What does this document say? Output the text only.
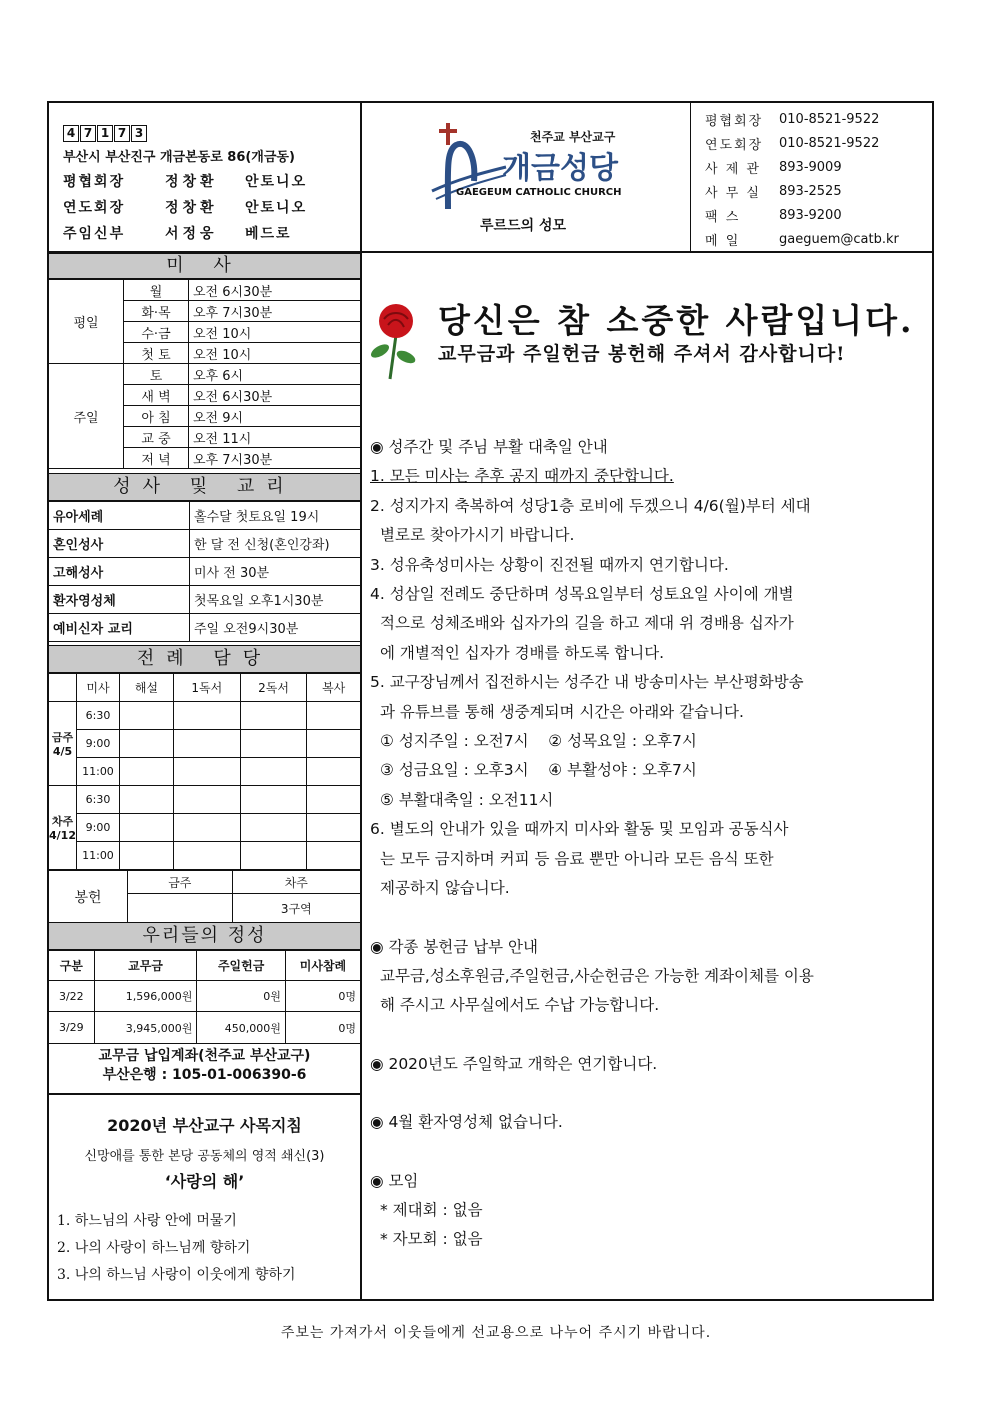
4 7 1 7 3
부산시 부산진구 개금본동로 86(개금동)
평협회장	정창환	안토니오
연도회장	정창환	안토니오
주임신부	서정웅	베드로
천주교 부산교구
개금성당
GAEGEUM CATHOLIC CHURCH
루르드의 성모
평협회장	010-8521-9522
연도회장	010-8521-9522
사 제 관	893-9009
사 무 실	893-2525
팩 스	893-9200
메 일	gaeguem@catb.kr
미 사
평일	월	오전 6시30분
	화·목	오후 7시30분
	수·금	오전 10시
	첫 토	오전 10시
주일	토	오후 6시
	새 벽	오전 6시30분
	아 침	오전 9시
	교 중	오전 11시
	저 녁	오후 7시30분
성사 및 교리
유아세례	홀수달 첫토요일 19시
혼인성사	한 달 전 신청(혼인강좌)
고해성사	미사 전 30분
환자영성체	첫목요일 오후1시30분
예비신자 교리	주일 오전9시30분
전례 담당
	미사	해설	1독서	2독서	복사
금주 4/5	6:30				
	9:00				
	11:00				
차주 4/12	6:30				
	9:00				
	11:00				
봉헌	금주	차주
		3구역
우리들의 정성
구분	교무금	주일헌금	미사참례
3/22	1,596,000원	0원	0명
3/29	3,945,000원	450,000원	0명
교무금 납입계좌(천주교 부산교구)
부산은행 : 105-01-006390-6
2020년 부산교구 사목지침
신망애를 통한 본당 공동체의 영적 쇄신(3)
‘사랑의 해’
1. 하느님의 사랑 안에 머물기
2. 나의 사랑이 하느님께 향하기
3. 나의 하느님 사랑이 이웃에게 향하기
당신은 참 소중한 사람입니다.
교무금과 주일헌금 봉헌해 주셔서 감사합니다!

◉ 성주간 및 주님 부활 대축일 안내

1. 모든 미사는 추후 공지 때까지 중단합니다.

2. 성지가지 축복하여 성당1층 로비에 두겠으니 4/6(월)부터 세대

별로로 찾아가시기 바랍니다.

3. 성유축성미사는 상황이 진전될 때까지 연기합니다.

4. 성삼일 전례도 중단하며 성목요일부터 성토요일 사이에 개별

적으로 성체조배와 십자가의 길을 하고 제대 위 경배용 십자가

에 개별적인 십자가 경배를 하도록 합니다.

5. 교구장님께서 집전하시는 성주간 내 방송미사는 부산평화방송

과 유튜브를 통해 생중계되며 시간은 아래와 같습니다.

① 성지주일 : 오전7시    ② 성목요일 : 오후7시

③ 성금요일 : 오후3시    ④ 부활성야 : 오후7시

⑤ 부활대축일 : 오전11시

6. 별도의 안내가 있을 때까지 미사와 활동 및 모임과 공동식사

는 모두 금지하며 커피 등 음료 뿐만 아니라 모든 음식 또한

제공하지 않습니다.

◉ 각종 봉헌금 납부 안내

교무금,성소후원금,주일헌금,사순헌금은 가능한 계좌이체를 이용

해 주시고 사무실에서도 수납 가능합니다.

◉ 2020년도 주일학교 개학은 연기합니다.

◉ 4월 환자영성체 없습니다.

◉ 모임

* 제대회 : 없음

* 자모회 : 없음

주보는 가져가서 이웃들에게 선교용으로 나누어 주시기 바랍니다.
